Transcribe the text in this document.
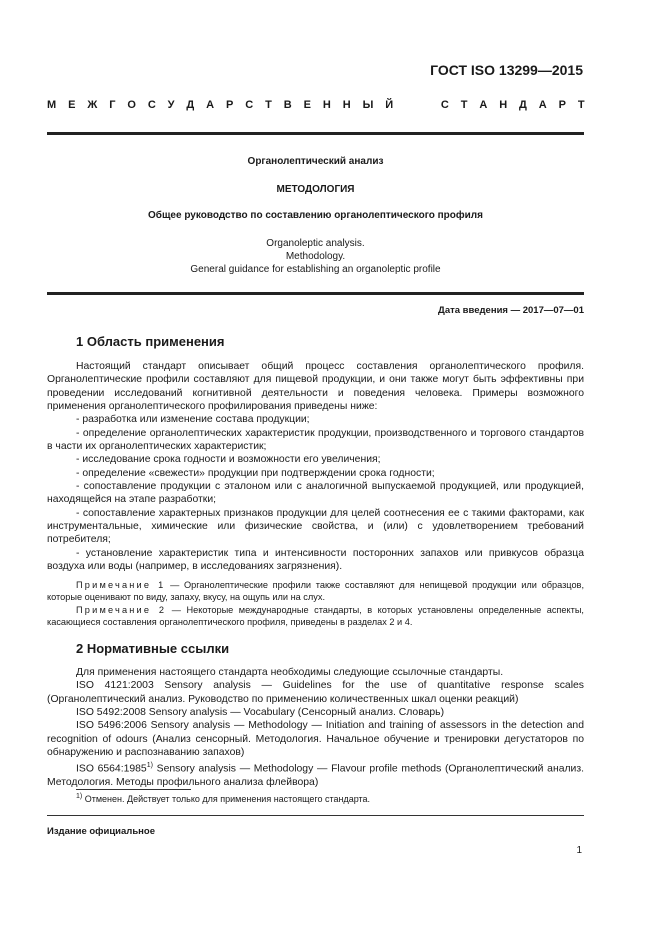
ГОСТ ISO 13299—2015
М Е Ж Г О С У Д А Р С Т В Е Н Н Ы Й	С Т А Н Д А Р Т
Органолептический анализ
МЕТОДОЛОГИЯ
Общее руководство по составлению органолептического профиля
Organoleptic analysis.
Methodology.
General guidance for establishing an organoleptic profile
Дата введения — 2017—07—01
1 Область применения

Настоящий стандарт описывает общий процесс составления органолептического профиля. Органолептические профили составляют для пищевой продукции, и они также могут быть эффективны при проведении исследований когнитивной деятельности и поведения человека. Примеры возможного применения органолептического профилирования приведены ниже:

- разработка или изменение состава продукции;

- определение органолептических характеристик продукции, производственного и торгового стандартов в части их органолептических характеристик;

- исследование срока годности и возможности его увеличения;

- определение «свежести» продукции при подтверждении срока годности;

- сопоставление продукции с эталоном или с аналогичной выпускаемой продукцией, или продукцией, находящейся на этапе разработки;

- сопоставление характерных признаков продукции для целей соотнесения ее с такими факторами, как инструментальные, химические или физические свойства, и (или) с удовлетворением требований потребителя;

- установление характеристик типа и интенсивности посторонних запахов или привкусов образца воздуха или воды (например, в исследованиях загрязнения).

Примечание 1 — Органолептические профили также составляют для непищевой продукции или образцов, которые оценивают по виду, запаху, вкусу, на ощупь или на слух.

Примечание 2 — Некоторые международные стандарты, в которых установлены определенные аспекты, касающиеся составления органолептического профиля, приведены в разделах 2 и 4.

2 Нормативные ссылки

Для применения настоящего стандарта необходимы следующие ссылочные стандарты.

ISO 4121:2003 Sensory analysis — Guidelines for the use of quantitative response scales (Органолептический анализ. Руководство по применению количественных шкал оценки реакций)

ISO 5492:2008 Sensory analysis — Vocabulary (Сенсорный анализ. Словарь)

ISO 5496:2006 Sensory analysis — Methodology — Initiation and training of assessors in the detection and recognition of odours (Анализ сенсорный. Методология. Начальное обучение и тренировки дегустаторов по обнаружению и распознаванию запахов)

ISO 6564:1985$^{1)}$ Sensory analysis — Methodology — Flavour profile methods (Органолептический анализ. Методология. Методы профильного анализа флейвора)

$^{1)}$ Отменен. Действует только для применения настоящего стандарта.
Издание официальное
1
